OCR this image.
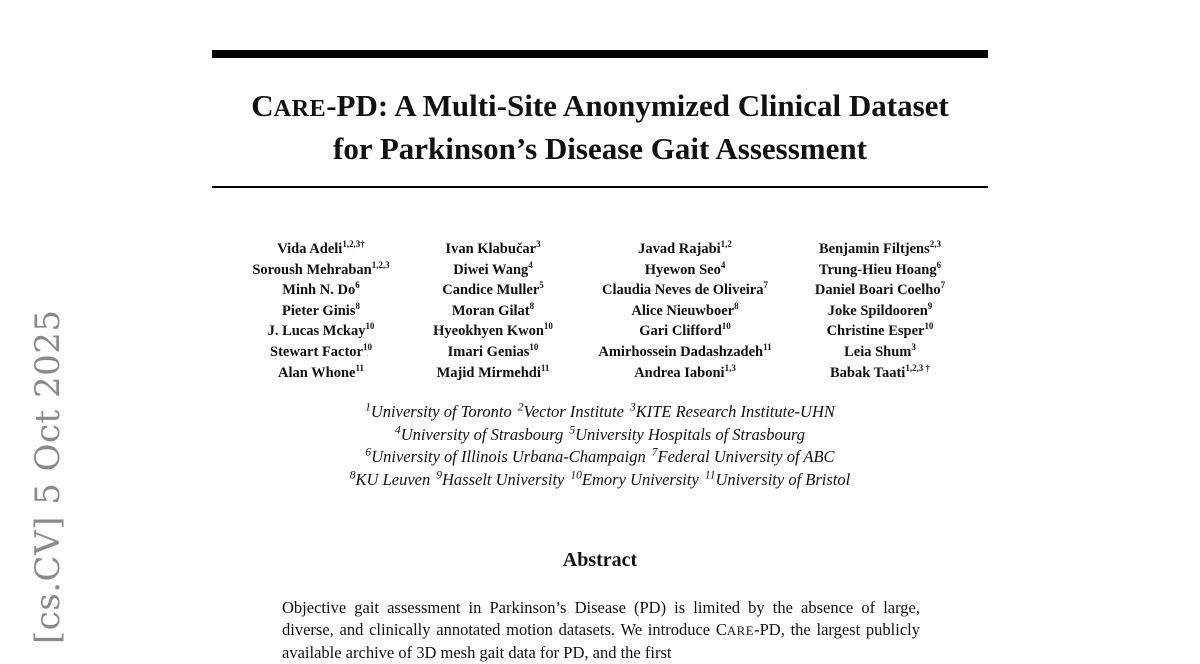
[cs.CV] 5 Oct 2025
CARE-PD: A Multi-Site Anonymized Clinical Dataset
for Parkinson’s Disease Gait Assessment
Vida Adeli$^{1,2,3\dagger}$
Soroush Mehraban$^{1,2,3}$
Minh N. Do$^6$
Pieter Ginis$^8$
J. Lucas Mckay$^{10}$
Stewart Factor$^{10}$
Alan Whone$^{11}$
Ivan Klabučar$^3$
Diwei Wang$^4$
Candice Muller$^5$
Moran Gilat$^8$
Hyeokhyen Kwon$^{10}$
Imari Genias$^{10}$
Majid Mirmehdi$^{11}$
Javad Rajabi$^{1,2}$
Hyewon Seo$^4$
Claudia Neves de Oliveira$^7$
Alice Nieuwboer$^8$
Gari Clifford$^{10}$
Amirhossein Dadashzadeh$^{11}$
Andrea Iaboni$^{1,3}$
Benjamin Filtjens$^{2,3}$
Trung-Hieu Hoang$^6$
Daniel Boari Coelho$^7$
Joke Spildooren$^9$
Christine Esper$^{10}$
Leia Shum$^3$
Babak Taati$^{1,2,3 \dagger}$
$^1$University of Toronto $^2$Vector Institute $^3$KITE Research Institute-UHN
$^4$University of Strasbourg $^5$University Hospitals of Strasbourg
$^6$University of Illinois Urbana-Champaign $^7$Federal University of ABC
$^8$KU Leuven $^9$Hasselt University $^{10}$Emory University $^{11}$University of Bristol
Abstract
Objective gait assessment in Parkinson’s Disease (PD) is limited by the absence of large, diverse, and clinically annotated motion datasets. We introduce CARE-PD, the largest publicly available archive of 3D mesh gait data for PD, and the first
